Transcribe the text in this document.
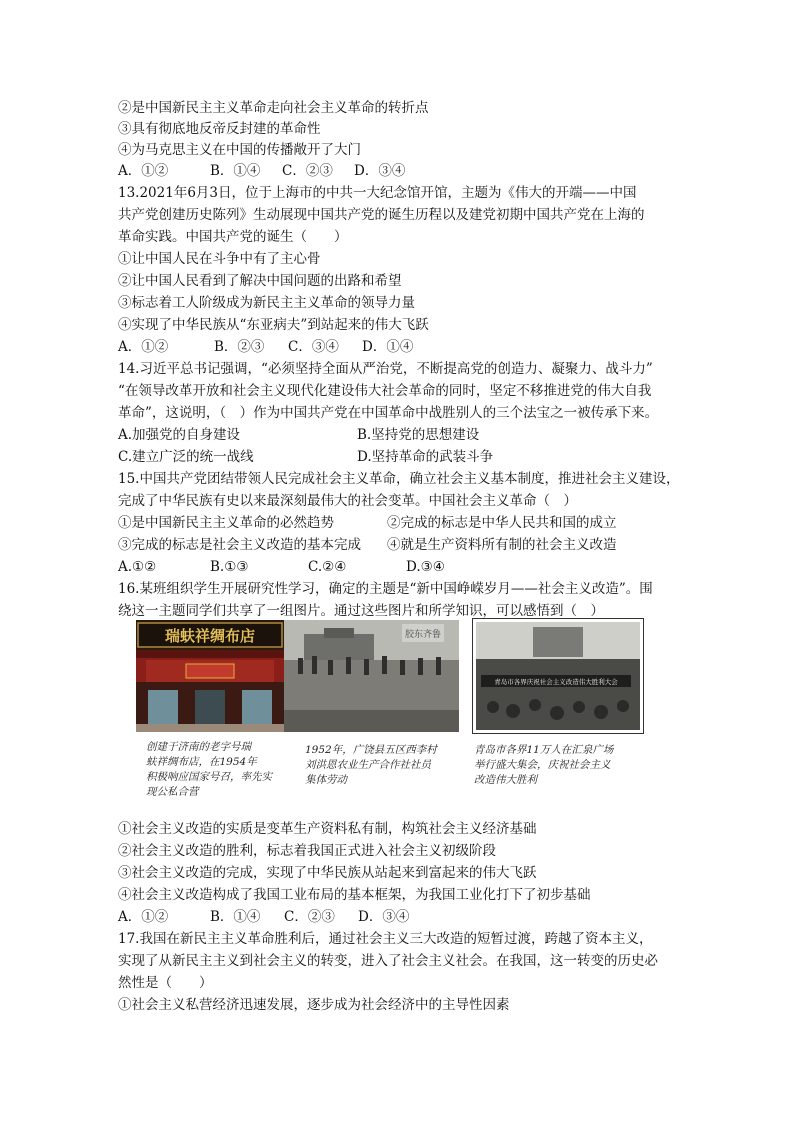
②是中国新民主主义革命走向社会主义革命的转折点
③具有彻底地反帝反封建的革命性
④为马克思主义在中国的传播敞开了大门
A．①②	B．①④ C．②③ D．③④
13.2021年6月3日，位于上海市的中共一大纪念馆开馆，主题为《伟大的开端——中国
共产党创建历史陈列》生动展现中国共产党的诞生历程以及建党初期中国共产党在上海的
革命实践。中国共产党的诞生（　　）
①让中国人民在斗争中有了主心骨
②让中国人民看到了解决中国问题的出路和希望
③标志着工人阶级成为新民主主义革命的领导力量
④实现了中华民族从“东亚病夫”到站起来的伟大飞跃
A．①②	B．②③ C．③④ D．①④
14.习近平总书记强调，“必须坚持全面从严治党，不断提高党的创造力、凝聚力、战斗力”
“在领导改革开放和社会主义现代化建设伟大社会革命的同时，坚定不移推进党的伟大自我
革命”，这说明，（　）作为中国共产党在中国革命中战胜别人的三个法宝之一被传承下来。
A.加强党的自身建设	B.坚持党的思想建设
C.建立广泛的统一战线	D.坚持革命的武装斗争
15.中国共产党团结带领人民完成社会主义革命，确立社会主义基本制度，推进社会主义建设，
完成了中华民族有史以来最深刻最伟大的社会变革。中国社会主义革命（　）
①是中国新民主主义革命的必然趋势	②完成的标志是中华人民共和国的成立
③完成的标志是社会主义改造的基本完成 ④就是生产资料所有制的社会主义改造
A.①②	B.①③	C.②④	D.③④
16.某班组织学生开展研究性学习，确定的主题是“新中国峥嵘岁月——社会主义改造”。围
绕这一主题同学们共享了一组图片。通过这些图片和所学知识，可以感悟到（　）
瑞蚨祥绸布店	胶东齐鲁
青岛市各界庆祝社会主义改造伟大胜利大会
创建于济南的老字号瑞
蚨祥绸布店，在1954年
积极响应国家号召，率先实
现公私合营
1952年，广饶县五区西李村
刘洪恩农业生产合作社社员
集体劳动
青岛市各界11万人在汇泉广场
举行盛大集会，庆祝社会主义
改造伟大胜利
①社会主义改造的实质是变革生产资料私有制，构筑社会主义经济基础
②社会主义改造的胜利，标志着我国正式进入社会主义初级阶段
③社会主义改造的完成，实现了中华民族从站起来到富起来的伟大飞跃
④社会主义改造构成了我国工业布局的基本框架，为我国工业化打下了初步基础
A．①②	B．①④ C．②③ D．③④
17.我国在新民主主义革命胜利后，通过社会主义三大改造的短暂过渡，跨越了资本主义，
实现了从新民主主义到社会主义的转变，进入了社会主义社会。在我国，这一转变的历史必
然性是（　　）
①社会主义私营经济迅速发展，逐步成为社会经济中的主导性因素
